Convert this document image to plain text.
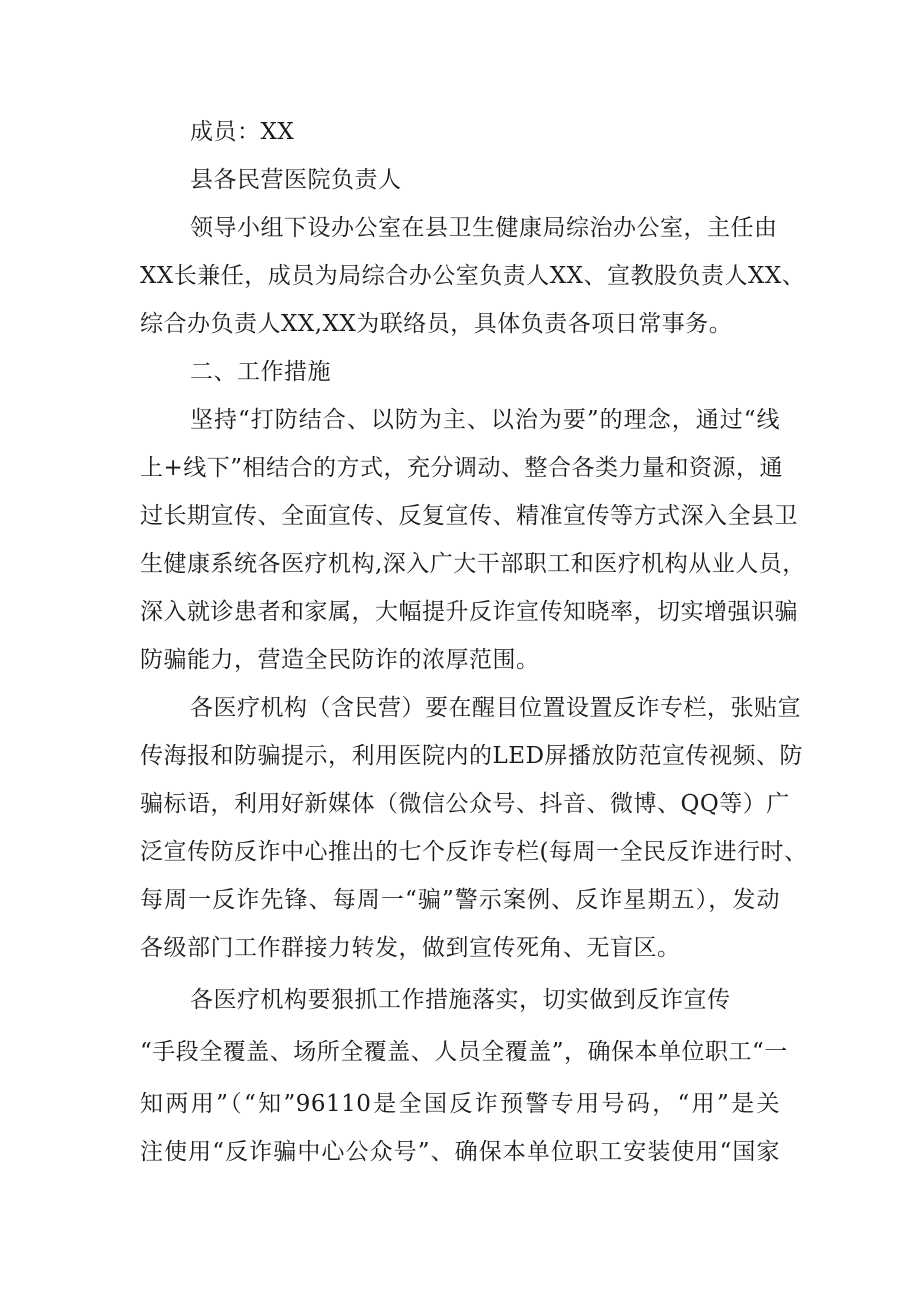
成员：XX
县各民营医院负责人
领导小组下设办公室在县卫生健康局综治办公室，主任由
XX长兼任，成员为局综合办公室负责人XX、宣教股负责人XX、
综合办负责人XX,XX为联络员，具体负责各项日常事务。
二、工作措施
坚持“打防结合、以防为主、以治为要”的理念，通过“线
上+线下”相结合的方式，充分调动、整合各类力量和资源，通
过长期宣传、全面宣传、反复宣传、精准宣传等方式深入全县卫
生健康系统各医疗机构,深入广大干部职工和医疗机构从业人员，
深入就诊患者和家属，大幅提升反诈宣传知晓率，切实增强识骗
防骗能力，营造全民防诈的浓厚范围。
各医疗机构（含民营）要在醒目位置设置反诈专栏，张贴宣
传海报和防骗提示，利用医院内的LED屏播放防范宣传视频、防
骗标语，利用好新媒体（微信公众号、抖音、微博、QQ等）广
泛宣传防反诈中心推出的七个反诈专栏(每周一全民反诈进行时、
每周一反诈先锋、每周一“骗”警示案例、反诈星期五），发动
各级部门工作群接力转发，做到宣传死角、无盲区。
各医疗机构要狠抓工作措施落实，切实做到反诈宣传
“手段全覆盖、场所全覆盖、人员全覆盖”，确保本单位职工“一
知两用”（“知”96110是全国反诈预警专用号码，“用”是关
注使用“反诈骗中心公众号”、确保本单位职工安装使用“国家
